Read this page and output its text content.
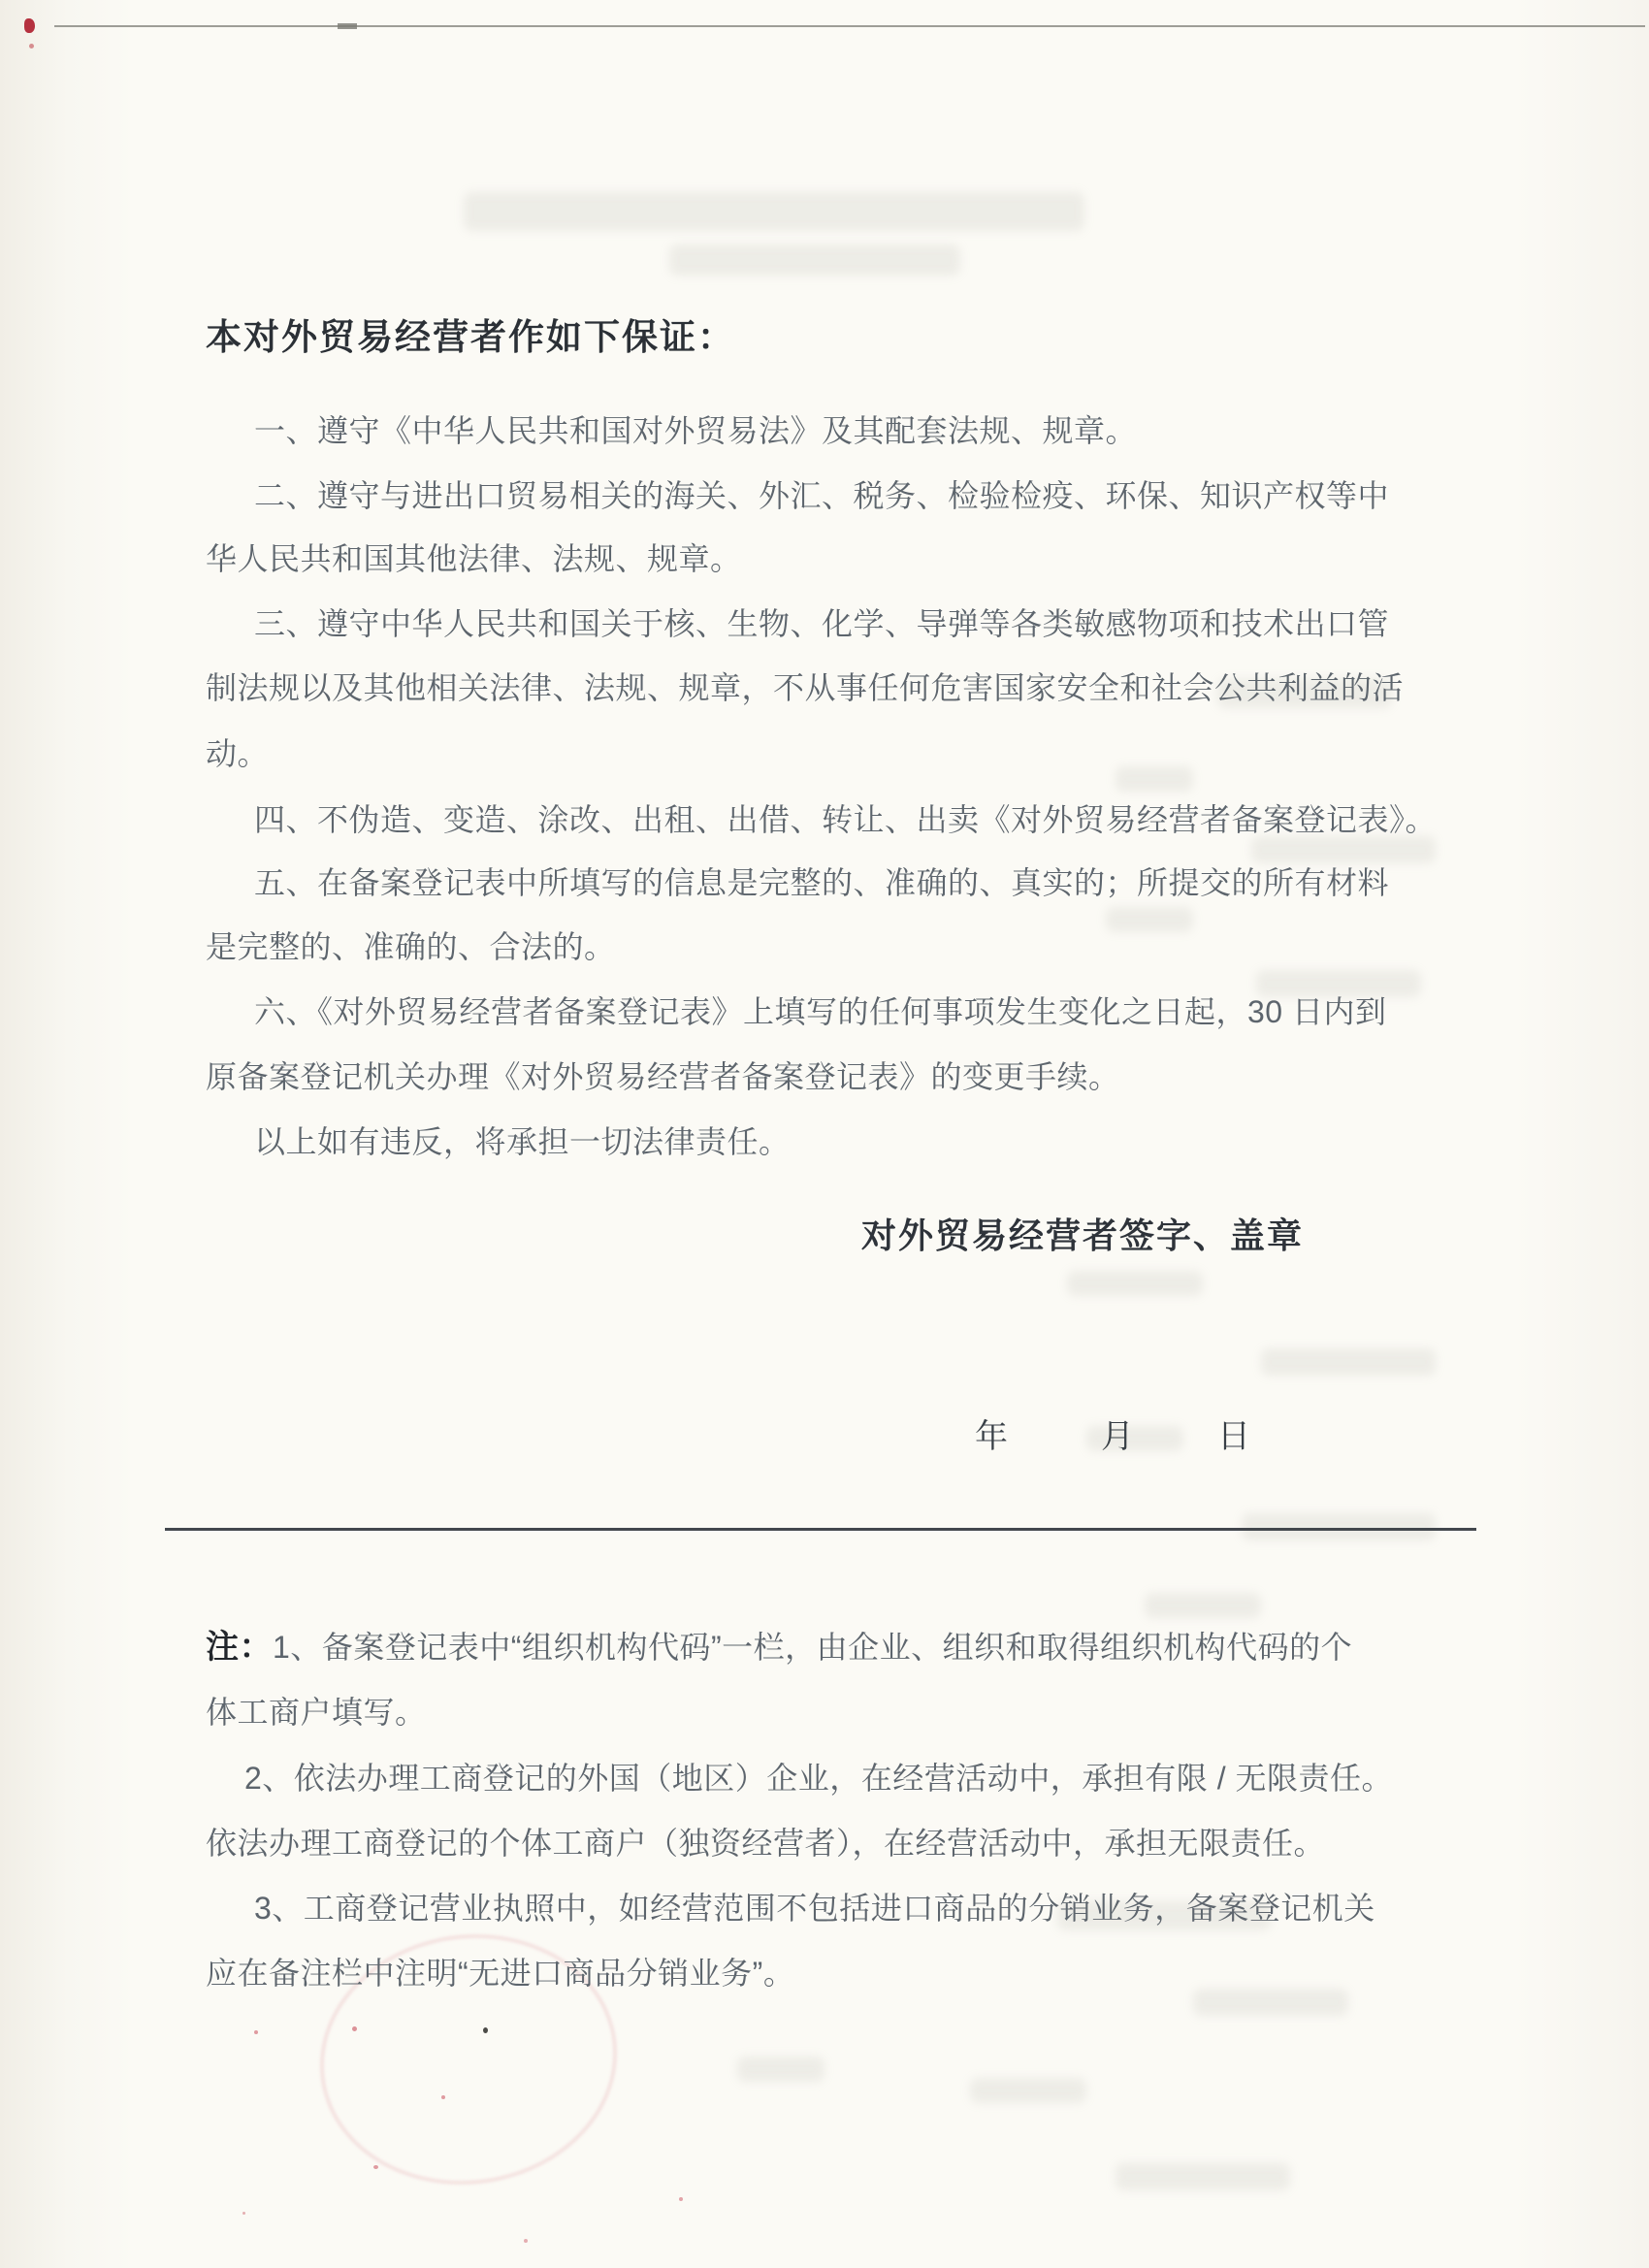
本对外贸易经营者作如下保证：
一、遵守《中华人民共和国对外贸易法》及其配套法规、规章。
二、遵守与进出口贸易相关的海关、外汇、税务、检验检疫、环保、知识产权等中
华人民共和国其他法律、法规、规章。
三、遵守中华人民共和国关于核、生物、化学、导弹等各类敏感物项和技术出口管
制法规以及其他相关法律、法规、规章，不从事任何危害国家安全和社会公共利益的活
动。
四、不伪造、变造、涂改、出租、出借、转让、出卖《对外贸易经营者备案登记表》。
五、在备案登记表中所填写的信息是完整的、准确的、真实的；所提交的所有材料
是完整的、准确的、合法的。
六、《对外贸易经营者备案登记表》上填写的任何事项发生变化之日起，30 日内到
原备案登记机关办理《对外贸易经营者备案登记表》的变更手续。
以上如有违反，将承担一切法律责任。
对外贸易经营者签字、盖章
年	月	日
注：1、备案登记表中“组织机构代码”一栏，由企业、组织和取得组织机构代码的个
体工商户填写。
2、依法办理工商登记的外国（地区）企业，在经营活动中，承担有限 / 无限责任。
依法办理工商登记的个体工商户（独资经营者），在经营活动中，承担无限责任。
3、工商登记营业执照中，如经营范围不包括进口商品的分销业务，备案登记机关
应在备注栏中注明“无进口商品分销业务”。
